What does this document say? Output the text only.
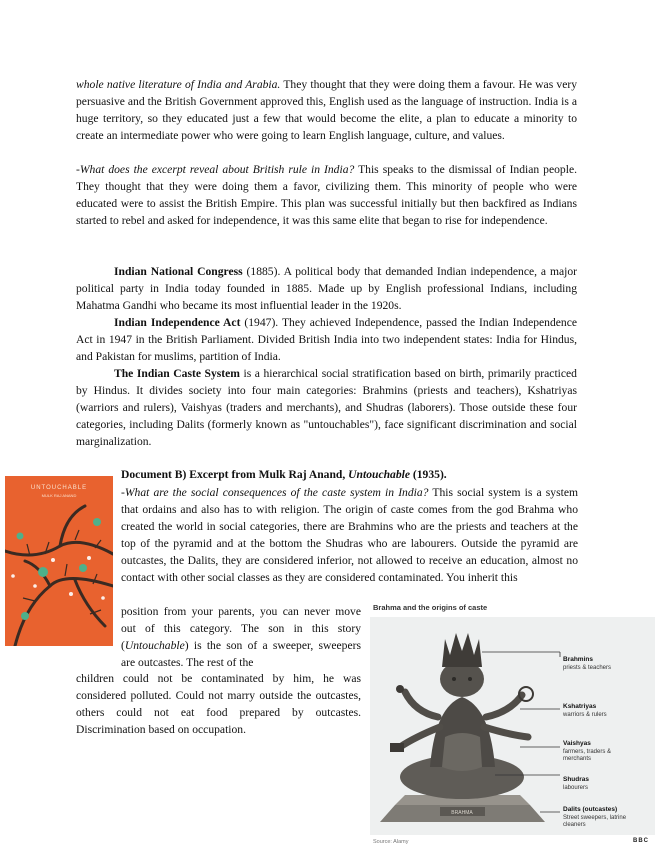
whole native literature of India and Arabia. They thought that they were doing them a favour. He was very persuasive and the British Government approved this, English used as the language of instruction. India is a huge territory, so they educated just a few that would become the elite, a plan to educate a minority to create an intermediate power who were going to learn English language, culture, and values.

-What does the excerpt reveal about British rule in India? This speaks to the dismissal of Indian people. They thought that they were doing them a favor, civilizing them. This minority of people who were educated were to assist the British Empire. This plan was successful initially but then backfired as Indians started to rebel and asked for independence, it was this same elite that began to rise for independence.

Indian National Congress (1885). A political body that demanded Indian independence, a major political party in India today founded in 1885. Made up by English professional Indians, including Mahatma Gandhi who became its most influential leader in the 1920s.

Indian Independence Act (1947). They achieved Independence, passed the Indian Independence Act in 1947 in the British Parliament. Divided British India into two independent states: India for Hindus, and Pakistan for muslims, partition of India.

The Indian Caste System is a hierarchical social stratification based on birth, primarily practiced by Hindus. It divides society into four main categories: Brahmins (priests and teachers), Kshatriyas (warriors and rulers), Vaishyas (traders and merchants), and Shudras (laborers). Those outside these four categories, including Dalits (formerly known as "untouchables"), face significant discrimination and social marginalization.

UNTOUCHABLE
MULK RAJ ANAND
Document B) Excerpt from Mulk Raj Anand, Untouchable (1935).

-What are the social consequences of the caste system in India? This social system is a system that ordains and also has to with religion. The origin of caste comes from the god Brahma who created the world in social categories, there are Brahmins who are the priests and teachers at the top of the pyramid and at the bottom the Shudras who are labourers. Outside the pyramid are outcastes, the Dalits, they are considered inferior, not allowed to receive an education, almost no contact with other social classes as they are considered contaminated. You inherit this

position from your parents, you can never move out of this category. The son in this story (Untouchable) is the son of a sweeper, sweepers are outcastes. The rest of the

children could not be contaminated by him, he was considered polluted. Could not marry outside the outcastes, others could not eat food prepared by outcastes. Discrimination based on occupation.

Brahma and the origins of caste
BRAHMA
Brahmins
priests & teachers
Kshatriyas
warriors & rulers
Vaishyas
farmers, traders & merchants
Shudras
labourers
Dalits (outcastes)
Street sweepers, latrine cleaners
Source: Alamy	BBC
